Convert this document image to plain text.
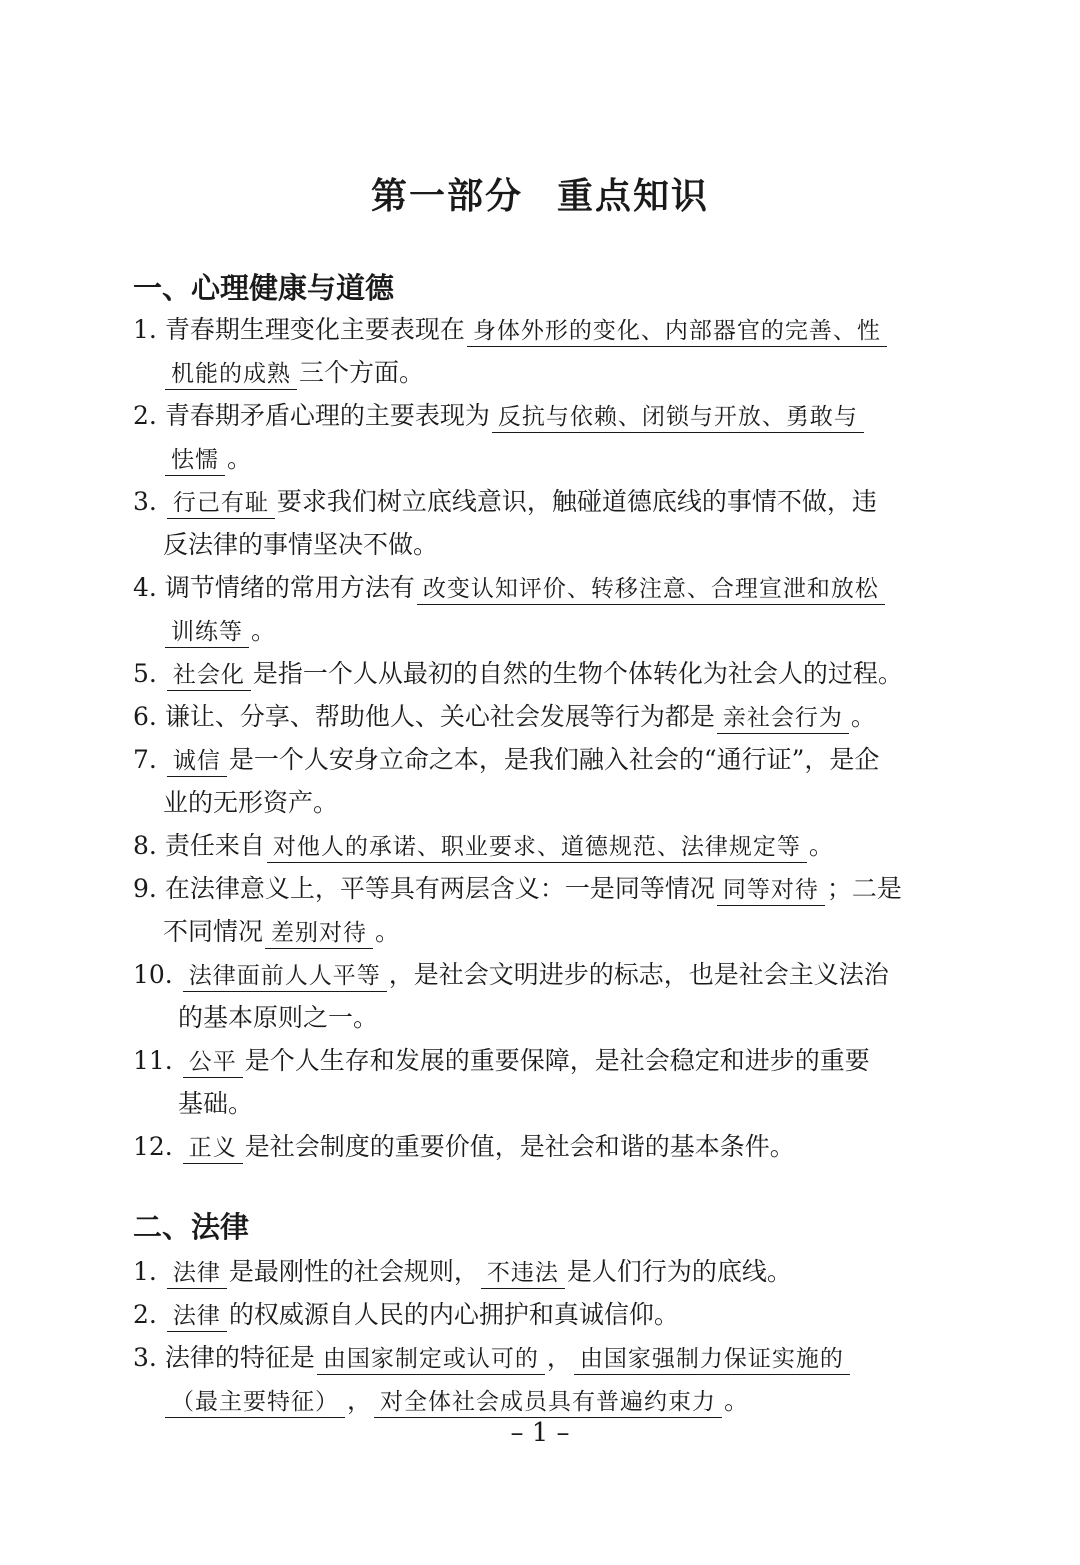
第一部分 重点知识
一、心理健康与道德
1. 青春期生理变化主要表现在 身体外形的变化、内部器官的完善、性
机能的成熟 三个方面。
2. 青春期矛盾心理的主要表现为 反抗与依赖、闭锁与开放、勇敢与
怯懦 。
3. 行己有耻 要求我们树立底线意识，触碰道德底线的事情不做，违
反法律的事情坚决不做。
4. 调节情绪的常用方法有 改变认知评价、转移注意、合理宣泄和放松
训练等 。
5. 社会化 是指一个人从最初的自然的生物个体转化为社会人的过程。
6. 谦让、分享、帮助他人、关心社会发展等行为都是 亲社会行为 。
7. 诚信 是一个人安身立命之本，是我们融入社会的“通行证”，是企
业的无形资产。
8. 责任来自 对他人的承诺、职业要求、道德规范、法律规定等 。
9. 在法律意义上，平等具有两层含义：一是同等情况 同等对待 ；二是
不同情况 差别对待 。
10. 法律面前人人平等 ，是社会文明进步的标志，也是社会主义法治
的基本原则之一。
11. 公平 是个人生存和发展的重要保障，是社会稳定和进步的重要
基础。
12. 正义 是社会制度的重要价值，是社会和谐的基本条件。
二、法律
1. 法律 是最刚性的社会规则， 不违法 是人们行为的底线。
2. 法律 的权威源自人民的内心拥护和真诚信仰。
3. 法律的特征是 由国家制定或认可的 ， 由国家强制力保证实施的
（最主要特征） ， 对全体社会成员具有普遍约束力 。
– 1 –
